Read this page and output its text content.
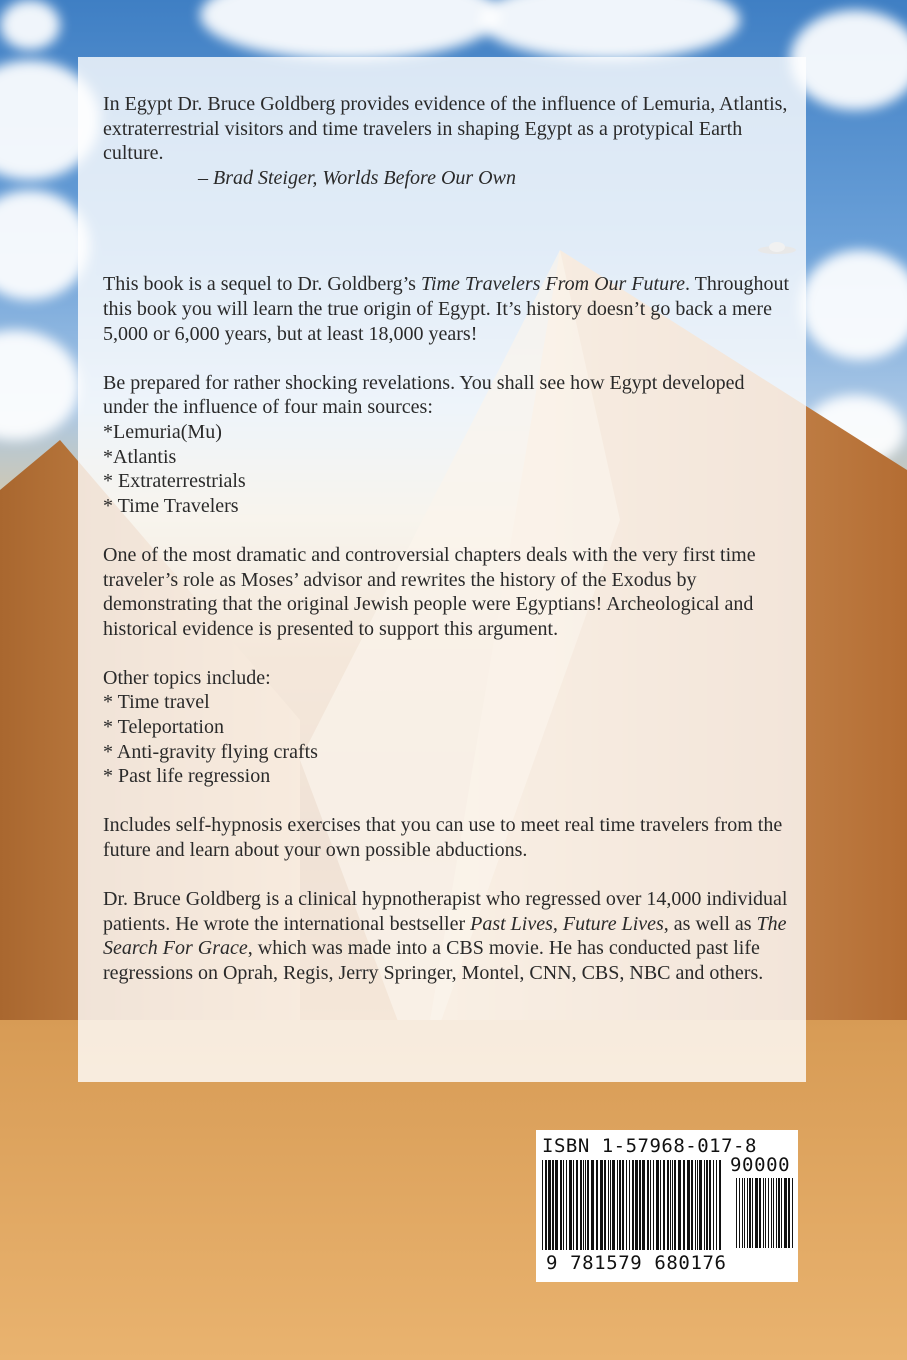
In Egypt Dr. Bruce Goldberg provides evidence of the influence of Lemuria, Atlantis, extraterrestrial visitors and time travelers in shaping Egypt as a protypical Earth culture.

– Brad Steiger, Worlds Before Our Own

This book is a sequel to Dr. Goldberg’s Time Travelers From Our Future. Throughout this book you will learn the true origin of Egypt. It’s history doesn’t go back a mere 5,000 or 6,000 years, but at least 18,000 years!

Be prepared for rather shocking revelations. You shall see how Egypt developed under the influence of four main sources:

*Lemuria(Mu)

*Atlantis

* Extraterrestrials

* Time Travelers

One of the most dramatic and controversial chapters deals with the very first time traveler’s role as Moses’ advisor and rewrites the history of the Exodus by demonstrating that the original Jewish people were Egyptians! Archeological and historical evidence is presented to support this argument.

Other topics include:

* Time travel

* Teleportation

* Anti-gravity flying crafts

* Past life regression

Includes self-hypnosis exercises that you can use to meet real time travelers from the future and learn about your own possible abductions.

Dr. Bruce Goldberg is a clinical hypnotherapist who regressed over 14,000 individual patients. He wrote the international bestseller Past Lives, Future Lives, as well as The Search For Grace, which was made into a CBS movie. He has conducted past life regressions on Oprah, Regis, Jerry Springer, Montel, CNN, CBS, NBC and others.

ISBN 1-57968-017-8
90000
9 781579 680176
